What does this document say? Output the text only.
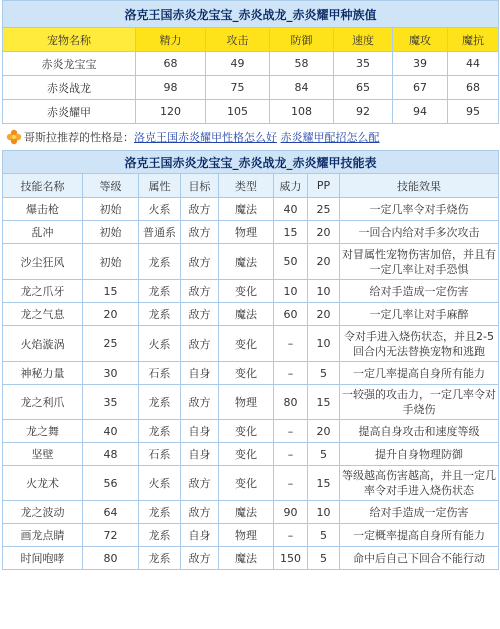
洛克王国赤炎龙宝宝_赤炎战龙_赤炎耀甲种族值						
宠物名称	精力	攻击	防御	速度	魔攻	魔抗
赤炎龙宝宝	68	49	58	35	39	44
赤炎战龙	98	75	84	65	67	68
赤炎耀甲	120	105	108	92	94	95
哥斯拉推荐的性格是： 洛克王国赤炎耀甲性格怎么好
赤炎耀甲配招怎么配
洛克王国赤炎龙宝宝_赤炎战龙_赤炎耀甲技能表							
技能名称	等级	属性	目标	类型	威力	PP	技能效果
爆击枪	初始	火系	敌方	魔法	40	25	一定几率令对手烧伤
乱冲	初始	普通系	敌方	物理	15	20	一回合内给对手多次攻击
沙尘狂风	初始	龙系	敌方	魔法	50	20	对冒属性宠物伤害加倍，并且有一定几率让对手恐惧
龙之爪牙	15	龙系	敌方	变化	10	10	给对手造成一定伤害
龙之气息	20	龙系	敌方	魔法	60	20	一定几率让对手麻醉
火焰漩涡	25	火系	敌方	变化	–	10	令对手进入烧伤状态，并且2-5回合内无法替换宠物和逃跑
神秘力量	30	石系	自身	变化	–	5	一定几率提高自身所有能力
龙之利爪	35	龙系	敌方	物理	80	15	一较强的攻击力，一定几率令对手烧伤
龙之舞	40	龙系	自身	变化	–	20	提高自身攻击和速度等级
坚壁	48	石系	自身	变化	–	5	提升自身物理防御
火龙术	56	火系	敌方	变化	–	15	等级越高伤害越高，并且一定几率令对手进入烧伤状态
龙之波动	64	龙系	敌方	魔法	90	10	给对手造成一定伤害
画龙点睛	72	龙系	自身	物理	–	5	一定概率提高自身所有能力
时间咆哮	80	龙系	敌方	魔法	150	5	命中后自己下回合不能行动
